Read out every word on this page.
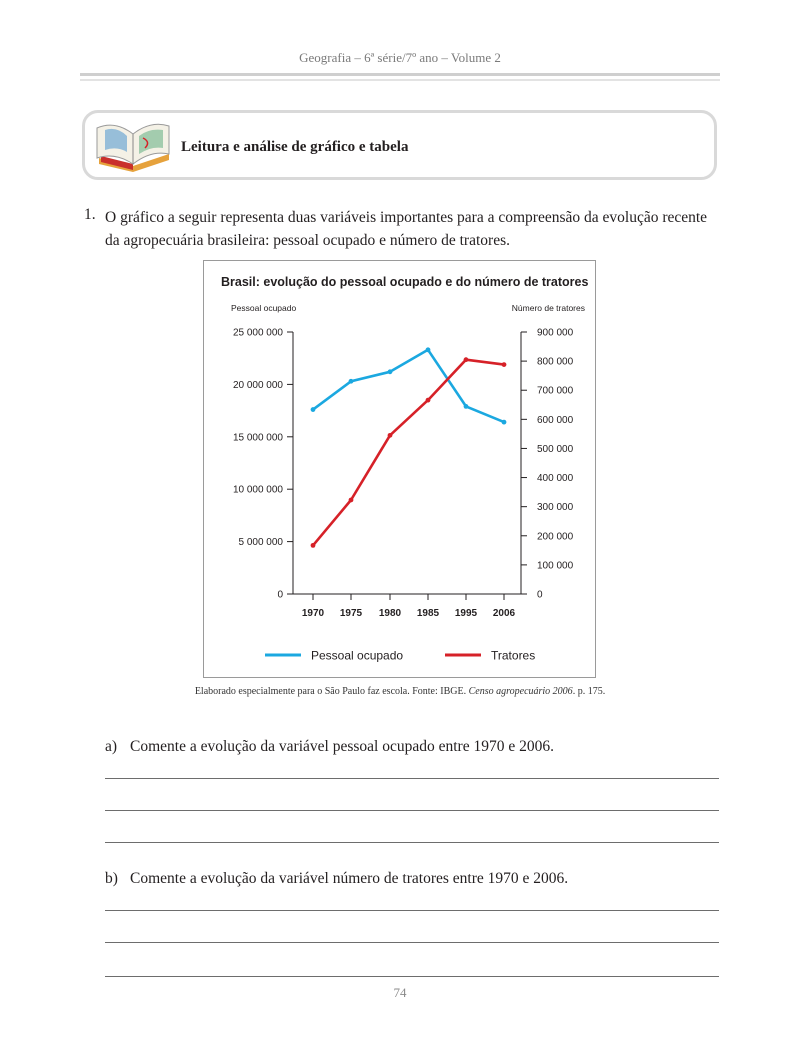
Geografia – 6ª série/7º ano – Volume 2
Leitura e análise de gráfico e tabela
1. O gráfico a seguir representa duas variáveis importantes para a compreensão da evolução recente da agropecuária brasileira: pessoal ocupado e número de tratores.
Brasil: evolução do pessoal ocupado e do número de tratores
Pessoal ocupado	Número de tratores
0
5 000 000
10 000 000
15 000 000
20 000 000
25 000 000
0
100 000
200 000
300 000
400 000
500 000
600 000
700 000
800 000
900 000
1970 1975 1980 1985 1995 2006
Pessoal ocupado	Tratores
Elaborado especialmente para o São Paulo faz escola. Fonte: IBGE. Censo agropecuário 2006. p. 175.
a) Comente a evolução da variável pessoal ocupado entre 1970 e 2006.
b) Comente a evolução da variável número de tratores entre 1970 e 2006.
74
